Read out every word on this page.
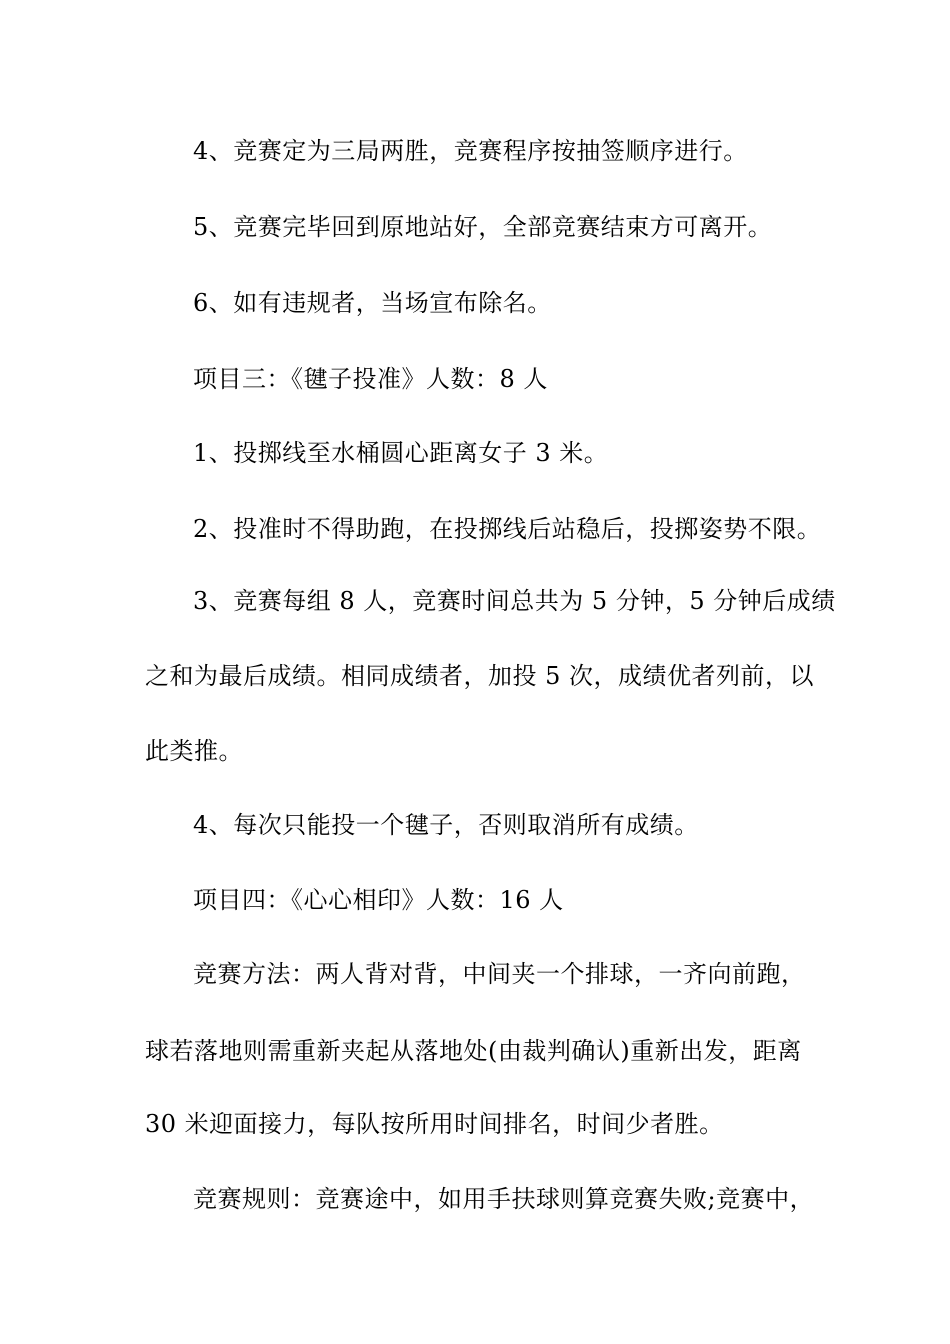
4、竞赛定为三局两胜，竞赛程序按抽签顺序进行。
5、竞赛完毕回到原地站好，全部竞赛结束方可离开。
6、如有违规者，当场宣布除名。
项目三：《毽子投准》人数：8 人
1、投掷线至水桶圆心距离女子 3 米。
2、投准时不得助跑，在投掷线后站稳后，投掷姿势不限。
3、竞赛每组 8 人，竞赛时间总共为 5 分钟，5 分钟后成绩
之和为最后成绩。相同成绩者，加投 5 次，成绩优者列前，以
此类推。
4、每次只能投一个毽子，否则取消所有成绩。
项目四：《心心相印》人数：16 人
竞赛方法：两人背对背，中间夹一个排球，一齐向前跑，
球若落地则需重新夹起从落地处(由裁判确认)重新出发，距离
30 米迎面接力，每队按所用时间排名，时间少者胜。
竞赛规则：竞赛途中，如用手扶球则算竞赛失败;竞赛中，
